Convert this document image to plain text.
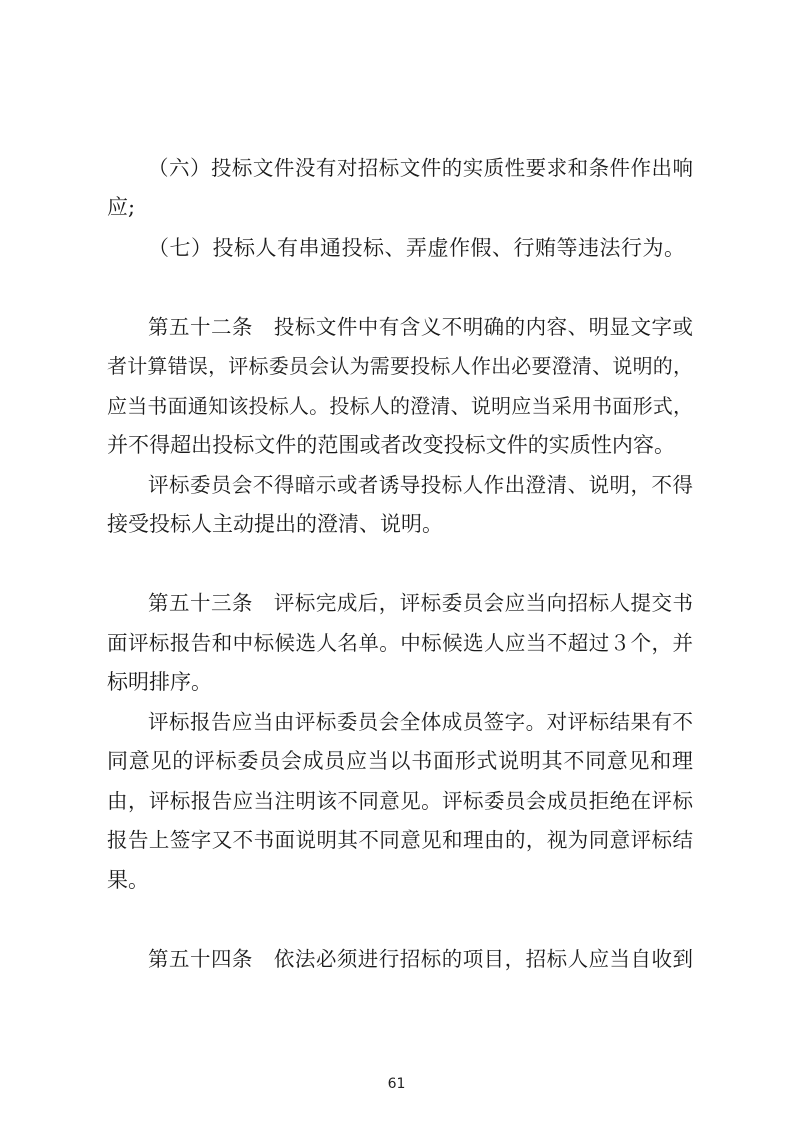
（六）投标文件没有对招标文件的实质性要求和条件作出响
应;
（七）投标人有串通投标、弄虚作假、行贿等违法行为。
第五十二条　投标文件中有含义不明确的内容、明显文字或
者计算错误，评标委员会认为需要投标人作出必要澄清、说明的，
应当书面通知该投标人。投标人的澄清、说明应当采用书面形式，
并不得超出投标文件的范围或者改变投标文件的实质性内容。
评标委员会不得暗示或者诱导投标人作出澄清、说明，不得
接受投标人主动提出的澄清、说明。
第五十三条　评标完成后，评标委员会应当向招标人提交书
面评标报告和中标候选人名单。中标候选人应当不超过３个，并
标明排序。
评标报告应当由评标委员会全体成员签字。对评标结果有不
同意见的评标委员会成员应当以书面形式说明其不同意见和理
由，评标报告应当注明该不同意见。评标委员会成员拒绝在评标
报告上签字又不书面说明其不同意见和理由的，视为同意评标结
果。
第五十四条　依法必须进行招标的项目，招标人应当自收到
61
